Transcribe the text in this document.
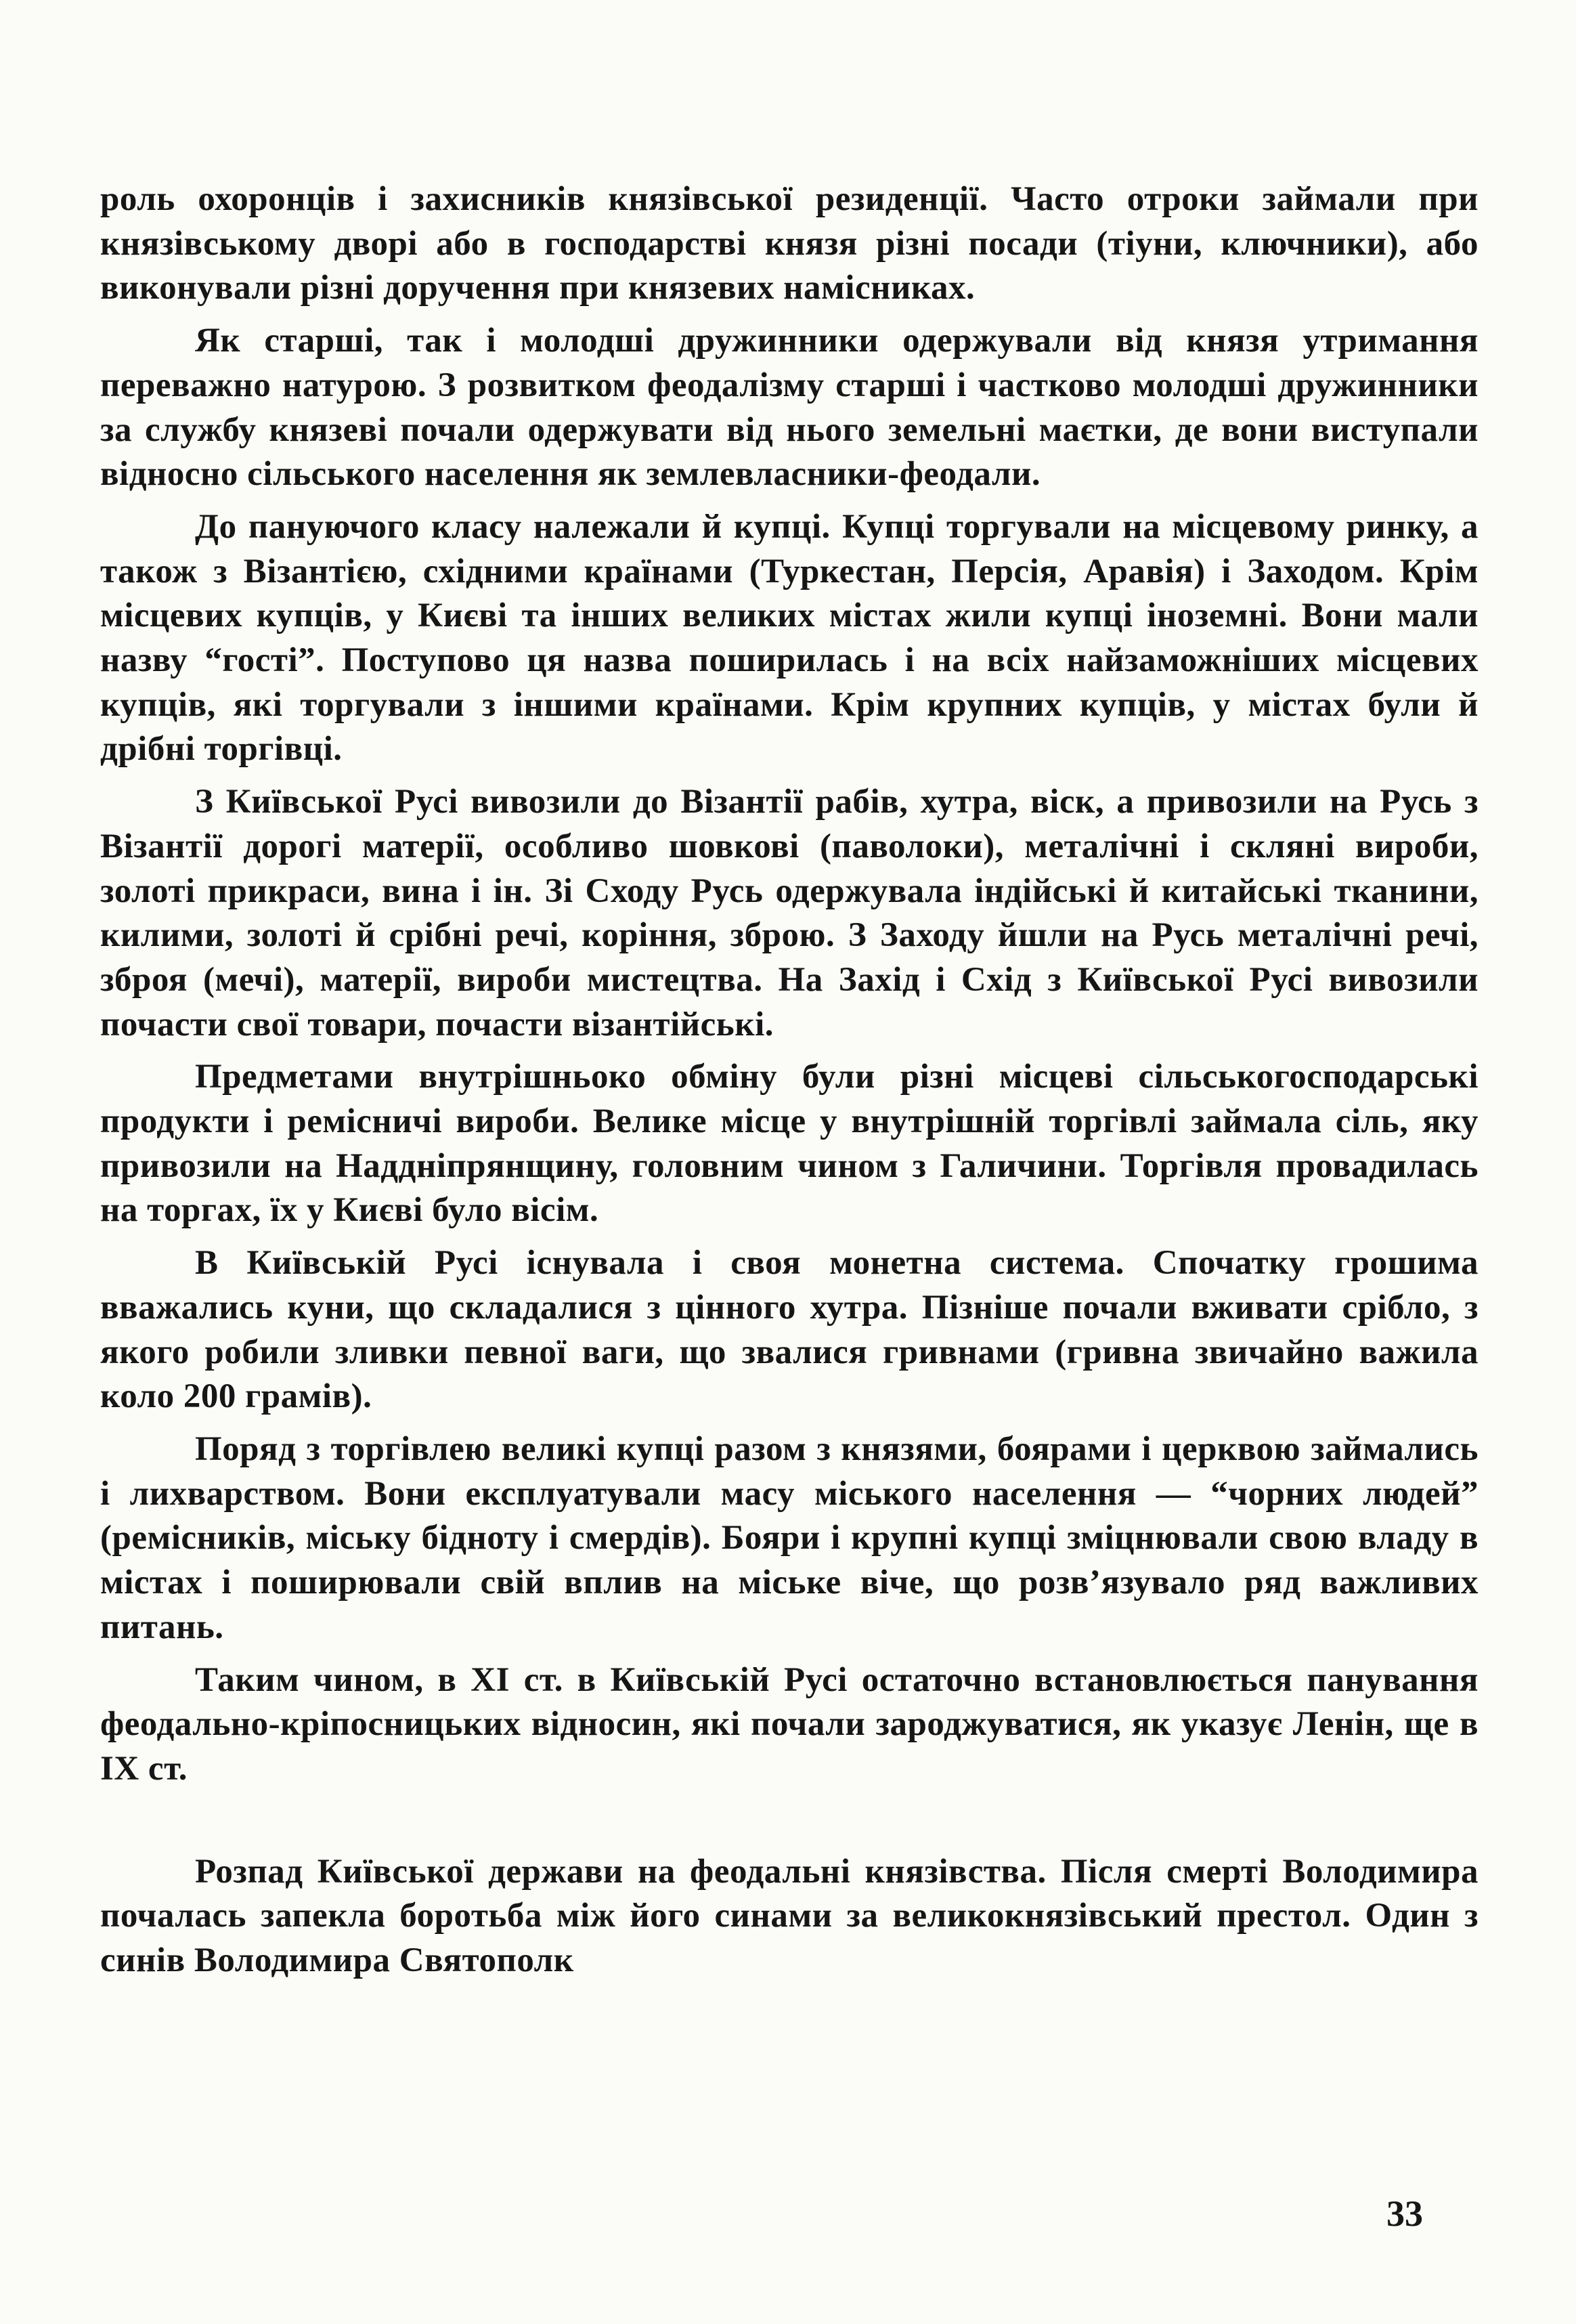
роль охоронців і захисників князівської резиденції. Часто отроки займали при князівському дворі або в господарстві князя різні посади (тіуни, ключники), або виконували різні доручення при князевих намісниках.

Як старші, так і молодші дружинники одержували від князя утримання переважно натурою. З розвитком феодалізму старші і частково молодші дружинники за службу князеві почали одержувати від нього земельні маєтки, де вони виступали відносно сільського населення як землевласники-феодали.

До пануючого класу належали й купці. Купці торгували на місцевому ринку, а також з Візантією, східними країнами (Туркестан, Персія, Аравія) і Заходом. Крім місцевих купців, у Києві та інших великих містах жили купці іноземні. Вони мали назву “гості”. Поступово ця назва поширилась і на всіх найзаможніших місцевих купців, які торгували з іншими країнами. Крім крупних купців, у містах були й дрібні торгівці.

З Київської Русі вивозили до Візантії рабів, хутра, віск, а привозили на Русь з Візантії дорогі матерії, особливо шовкові (паволоки), металічні і скляні вироби, золоті прикраси, вина і ін. Зі Сходу Русь одержувала індійські й китайські тканини, килими, золоті й срібні речі, коріння, зброю. З Заходу йшли на Русь металічні речі, зброя (мечі), матерії, вироби мистецтва. На Захід і Схід з Київської Русі вивозили почасти свої товари, почасти візантійські.

Предметами внутрішньоко обміну були різні місцеві сільськогосподарські продукти і ремісничі вироби. Велике місце у внутрішній торгівлі займала сіль, яку привозили на Наддніпрянщину, головним чином з Галичини. Торгівля провадилась на торгах, їх у Києві було вісім.

В Київській Русі існувала і своя монетна система. Спочатку грошима вважались куни, що складалися з цінного хутра. Пізніше почали вживати срібло, з якого робили зливки певної ваги, що звалися гривнами (гривна звичайно важила коло 200 грамів).

Поряд з торгівлею великі купці разом з князями, боярами і церквою займались і лихварством. Вони експлуатували масу міського населення — “чорних людей” (ремісників, міську бідноту і смердів). Бояри і крупні купці зміцнювали свою владу в містах і поширювали свій вплив на міське віче, що розв’язувало ряд важливих питань.

Таким чином, в XI ст. в Київській Русі остаточно встановлюється панування феодально-кріпосницьких відносин, які почали зароджуватися, як указує Ленін, ще в IX ст.

Розпад Київської держави на феодальні князівства. Після смерті Володимира почалась запекла боротьба між його синами за великокнязівський престол. Один з синів Володимира Святополк

33
